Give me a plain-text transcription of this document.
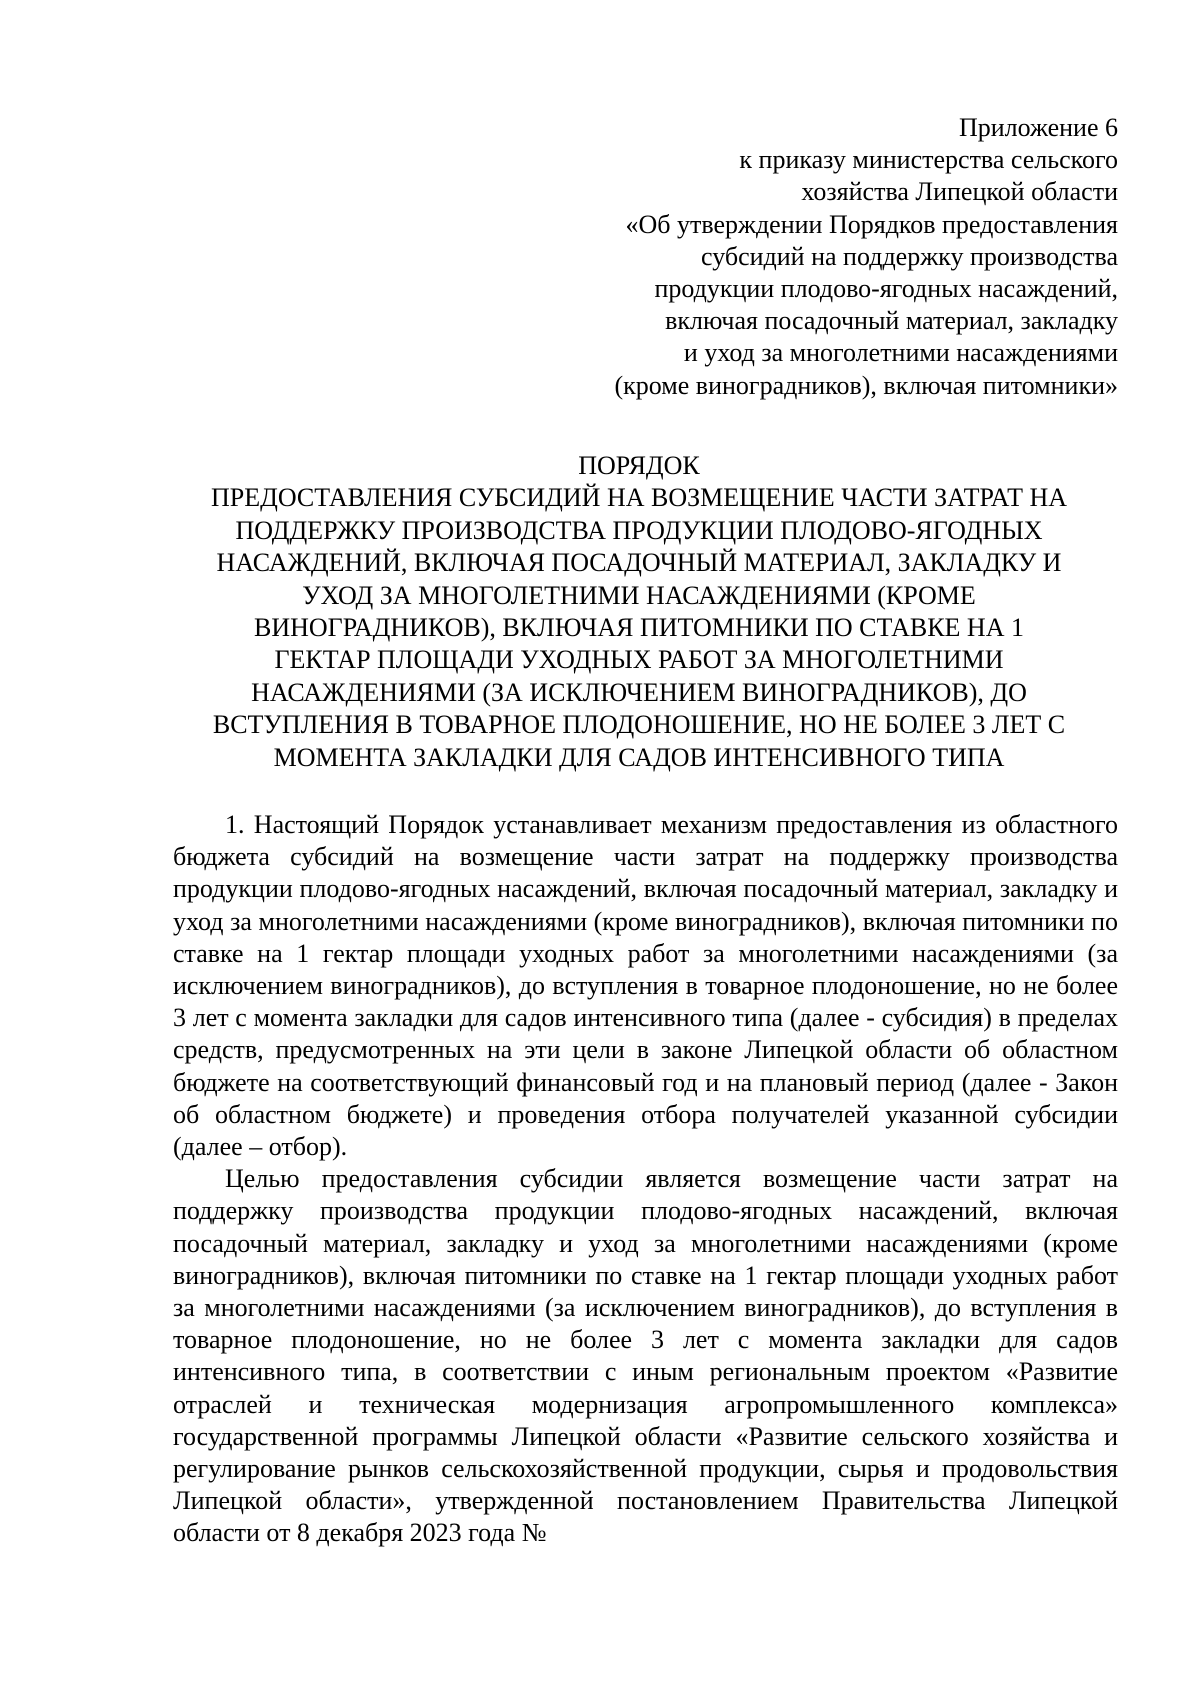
Приложение 6
к приказу министерства сельского
хозяйства Липецкой области
«Об утверждении Порядков предоставления
субсидий на поддержку производства
продукции плодово-ягодных насаждений,
включая посадочный материал, закладку
и уход за многолетними насаждениями
(кроме виноградников), включая питомники»
ПОРЯДОК
ПРЕДОСТАВЛЕНИЯ СУБСИДИЙ НА ВОЗМЕЩЕНИЕ ЧАСТИ ЗАТРАТ НА
ПОДДЕРЖКУ ПРОИЗВОДСТВА ПРОДУКЦИИ ПЛОДОВО-ЯГОДНЫХ
НАСАЖДЕНИЙ, ВКЛЮЧАЯ ПОСАДОЧНЫЙ МАТЕРИАЛ, ЗАКЛАДКУ И
УХОД ЗА МНОГОЛЕТНИМИ НАСАЖДЕНИЯМИ (КРОМЕ
ВИНОГРАДНИКОВ), ВКЛЮЧАЯ ПИТОМНИКИ ПО СТАВКЕ НА 1
ГЕКТАР ПЛОЩАДИ УХОДНЫХ РАБОТ ЗА МНОГОЛЕТНИМИ
НАСАЖДЕНИЯМИ (ЗА ИСКЛЮЧЕНИЕМ ВИНОГРАДНИКОВ), ДО
ВСТУПЛЕНИЯ В ТОВАРНОЕ ПЛОДОНОШЕНИЕ, НО НЕ БОЛЕЕ 3 ЛЕТ С
МОМЕНТА ЗАКЛАДКИ ДЛЯ САДОВ ИНТЕНСИВНОГО ТИПА

1. Настоящий Порядок устанавливает механизм предоставления из областного бюджета субсидий на возмещение части затрат на поддержку производства продукции плодово-ягодных насаждений, включая посадочный материал, закладку и уход за многолетними насаждениями (кроме виноградников), включая питомники по ставке на 1 гектар площади уходных работ за многолетними насаждениями (за исключением виноградников), до вступления в товарное плодоношение, но не более 3 лет с момента закладки для садов интенсивного типа (далее - субсидия) в пределах средств, предусмотренных на эти цели в законе Липецкой области об областном бюджете на соответствующий финансовый год и на плановый период (далее - Закон об областном бюджете) и проведения отбора получателей указанной субсидии (далее – отбор).

Целью предоставления субсидии является возмещение части затрат на поддержку производства продукции плодово-ягодных насаждений, включая посадочный материал, закладку и уход за многолетними насаждениями (кроме виноградников), включая питомники по ставке на 1 гектар площади уходных работ за многолетними насаждениями (за исключением виноградников), до вступления в товарное плодоношение, но не более 3 лет с момента закладки для садов интенсивного типа, в соответствии с иным региональным проектом «Развитие отраслей и техническая модернизация агропромышленного комплекса» государственной программы Липецкой области «Развитие сельского хозяйства и регулирование рынков сельскохозяйственной продукции, сырья и продовольствия Липецкой области», утвержденной постановлением Правительства Липецкой области от 8 декабря 2023 года №
